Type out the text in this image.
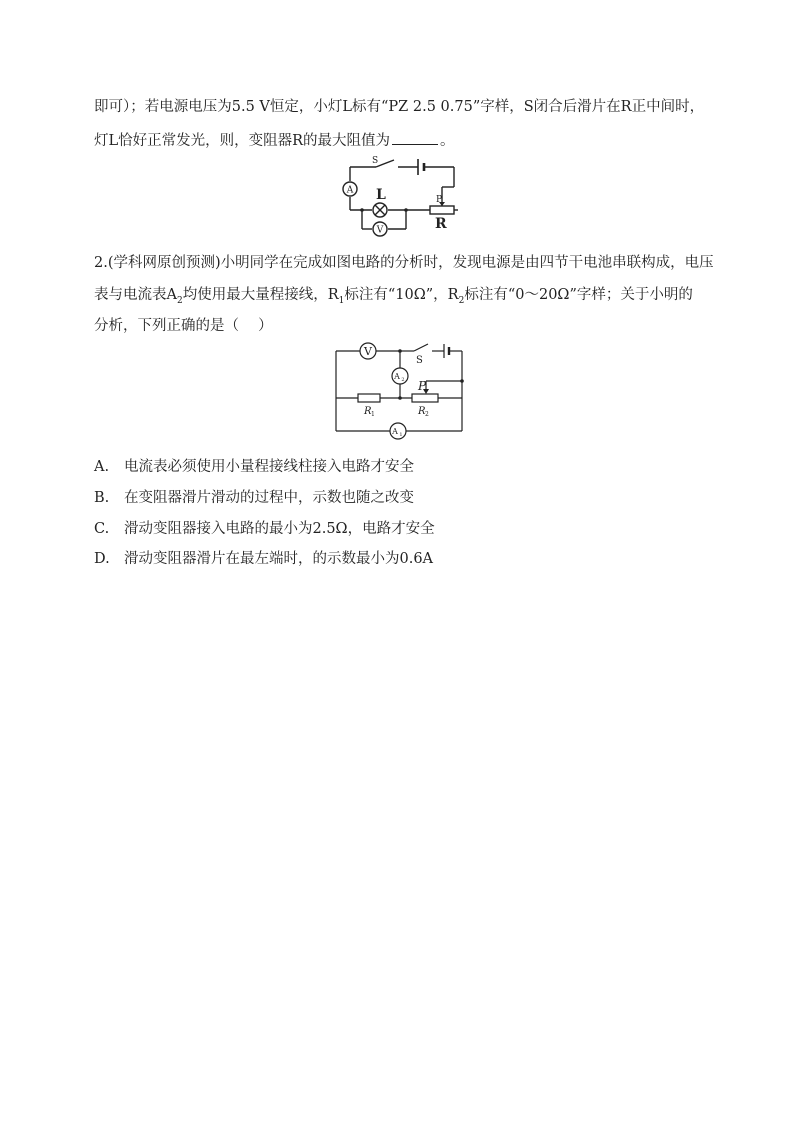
即可）；若电源电压为5.5 V恒定，小灯L标有“PZ 2.5 0.75”字样，S闭合后滑片在R正中间时，
灯L恰好正常发光，则，变阻器R的最大阻值为	。
A
V
S
L	P
R
2.(学科网原创预测)小明同学在完成如图电路的分析时，发现电源是由四节干电池串联构成，电压
表与电流表$A_2$均使用最大量程接线，$R_1$标注有“10Ω”，$R_2$标注有“0～20Ω”字样；关于小明的
分析，下列正确的是（　 ）
V
A 2
A 1
S
P
R 1	R 2
A. 电流表必须使用小量程接线柱接入电路才安全
B. 在变阻器滑片滑动的过程中，示数也随之改变
C. 滑动变阻器接入电路的最小为2.5Ω，电路才安全
D. 滑动变阻器滑片在最左端时，的示数最小为0.6A
